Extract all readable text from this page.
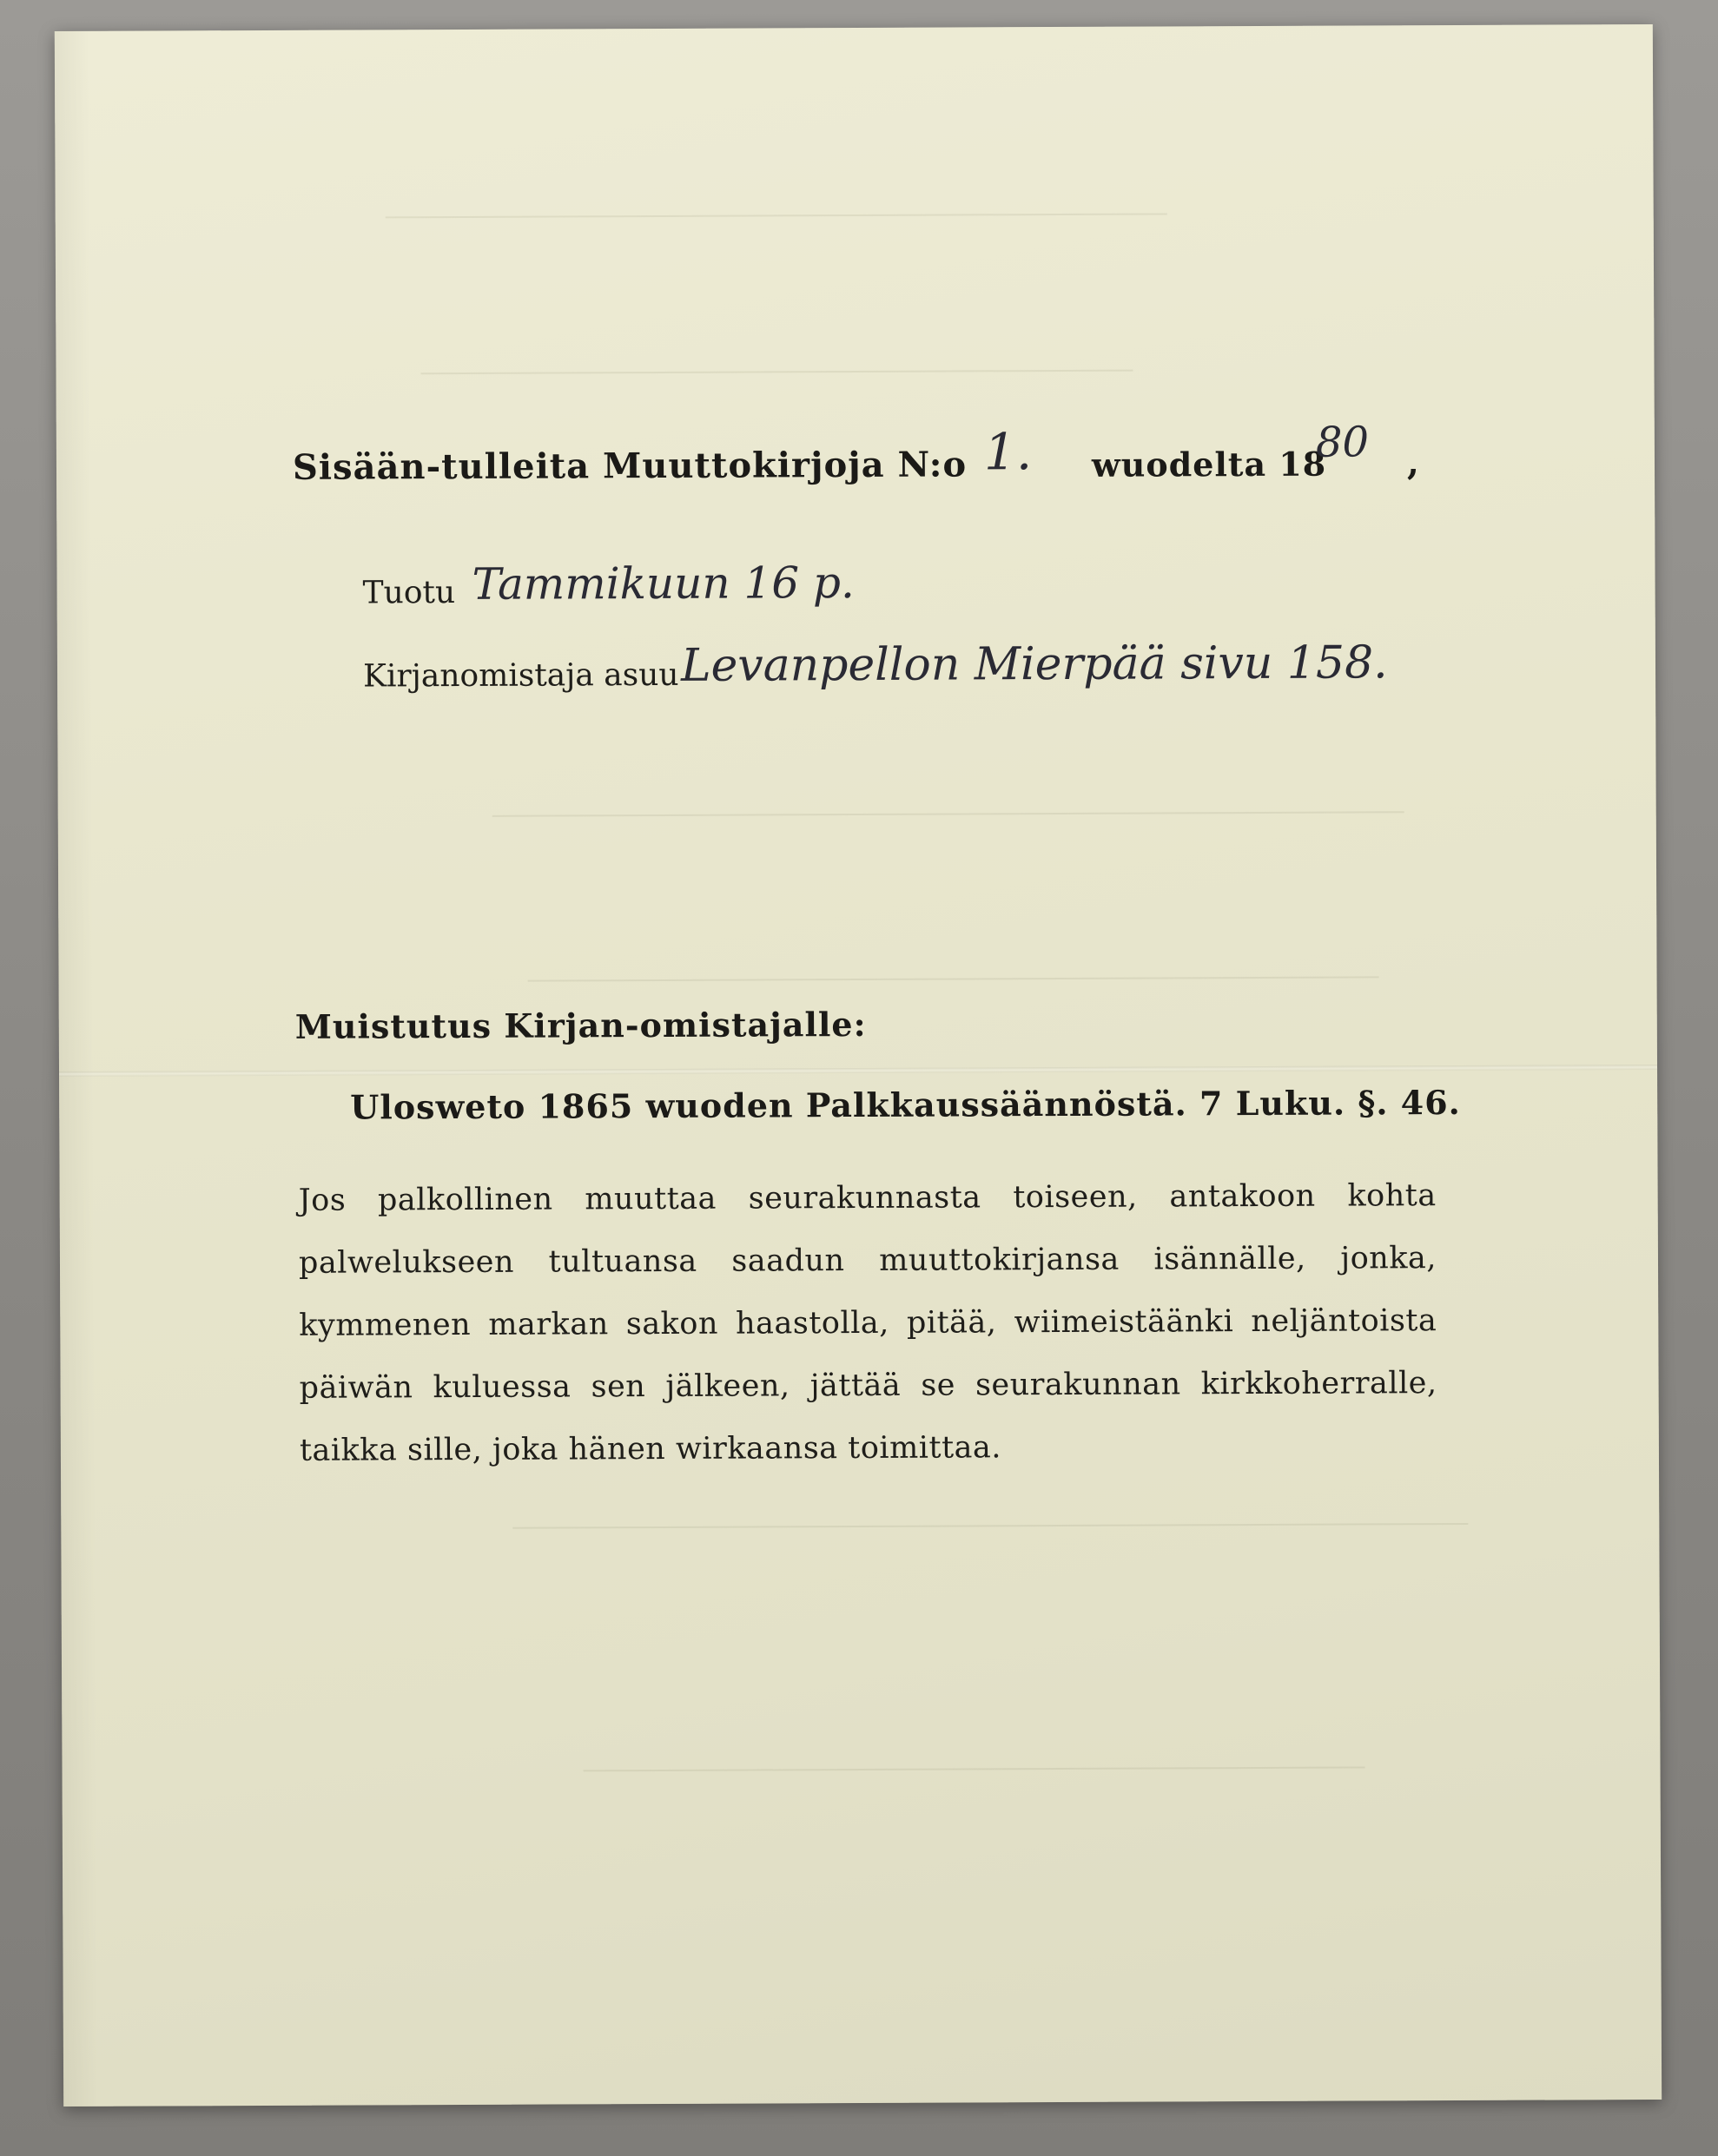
Sisään-tulleita Muuttokirjoja N:o 1. wuodelta 18
80 ,
Tuotu Tammikuun 16 p.
Kirjanomistaja asuu Levanpellon Mierpää sivu 158.
Muistutus Kirjan-omistajalle:
Ulosweto 1865 wuoden Palkkaussäännöstä. 7 Luku. §. 46.
Jos palkollinen muuttaa seurakunnasta toiseen, antakoon kohta palwelukseen tultuansa saadun muuttokirjansa isännälle, jonka, kymmenen markan sakon haastolla, pitää, wiimeistäänki neljäntoista päiwän kuluessa sen jälkeen, jättää se seurakunnan kirkkoherralle, taikka sille, joka hänen wirkaansa toimittaa.
